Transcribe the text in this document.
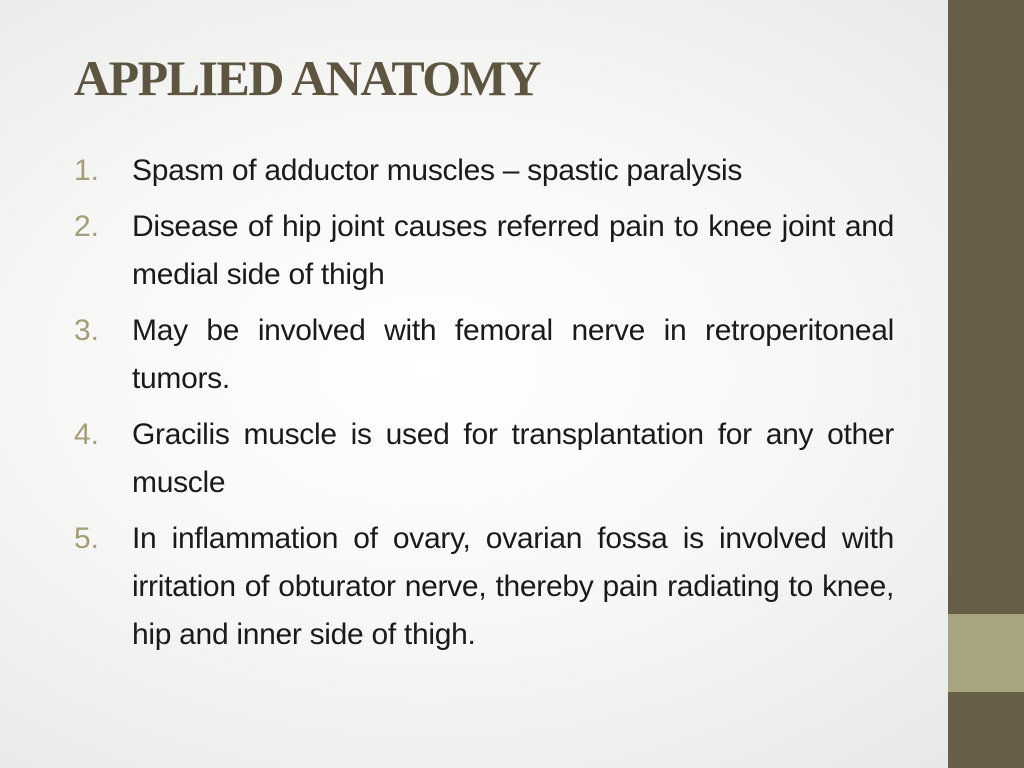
APPLIED ANATOMY
1.	Spasm of adductor muscles – spastic paralysis
2.	Disease of hip joint causes referred pain to knee joint and medial side of thigh
3.	May be involved with femoral nerve in retroperitoneal tumors.
4.	Gracilis muscle is used for transplantation for any other muscle
5.	In inflammation of ovary, ovarian fossa is involved with irritation of obturator nerve, thereby pain radiating to knee, hip and inner side of thigh.
